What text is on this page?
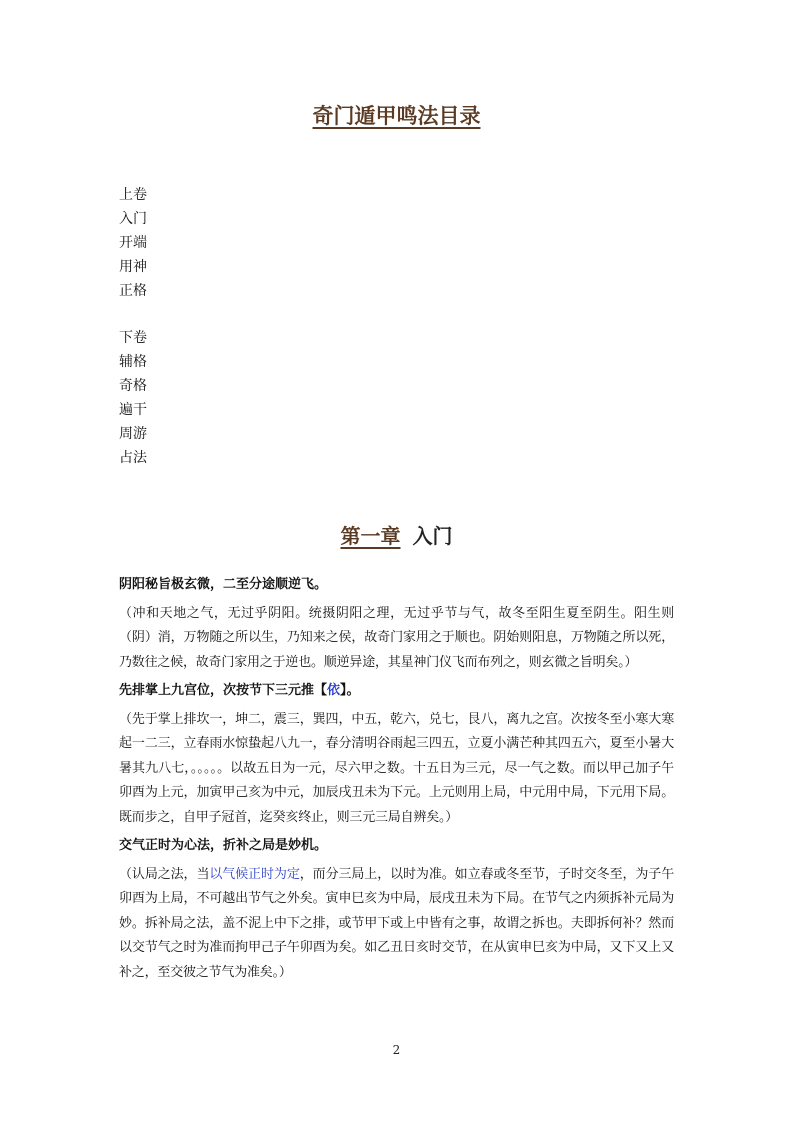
奇门遁甲鸣法目录
上卷
入门
开端
用神
正格
下卷
辅格
奇格
遍干
周游
占法
第一章 入门

阴阳秘旨极玄微，二至分途顺逆飞。

（冲和天地之气，无过乎阴阳。统摄阴阳之理，无过乎节与气，故冬至阳生夏至阴生。阳生则（阴）消，万物随之所以生，乃知来之侯，故奇门家用之于顺也。阴始则阳息，万物随之所以死，乃数往之候，故奇门家用之于逆也。顺逆异途，其星神门仪飞而布列之，则玄微之旨明矣。）

先排掌上九宫位，次按节下三元推【依】。

（先于掌上排坎一，坤二，震三，巽四，中五，乾六，兑七，艮八，离九之宫。次按冬至小寒大寒起一二三，立春雨水惊蛰起八九一，春分清明谷雨起三四五，立夏小满芒种其四五六，夏至小暑大暑其九八七，。。。。。以故五日为一元，尽六甲之数。十五日为三元，尽一气之数。而以甲己加子午卯酉为上元，加寅甲己亥为中元，加辰戌丑未为下元。上元则用上局，中元用中局，下元用下局。既而步之，自甲子冠首，迄癸亥终止，则三元三局自辨矣。）

交气正时为心法，折补之局是妙机。

（认局之法，当以气候正时为定，而分三局上，以时为准。如立春或冬至节，子时交冬至，为子午卯酉为上局，不可越出节气之外矣。寅申巳亥为中局，辰戌丑未为下局。在节气之内须拆补元局为妙。拆补局之法，盖不泥上中下之排，或节甲下或上中皆有之事，故谓之拆也。夫即拆何补？然而以交节气之时为准而拘甲己子午卯酉为矣。如乙丑日亥时交节，在从寅申巳亥为中局，又下又上又补之，至交彼之节气为准矣。）

2
